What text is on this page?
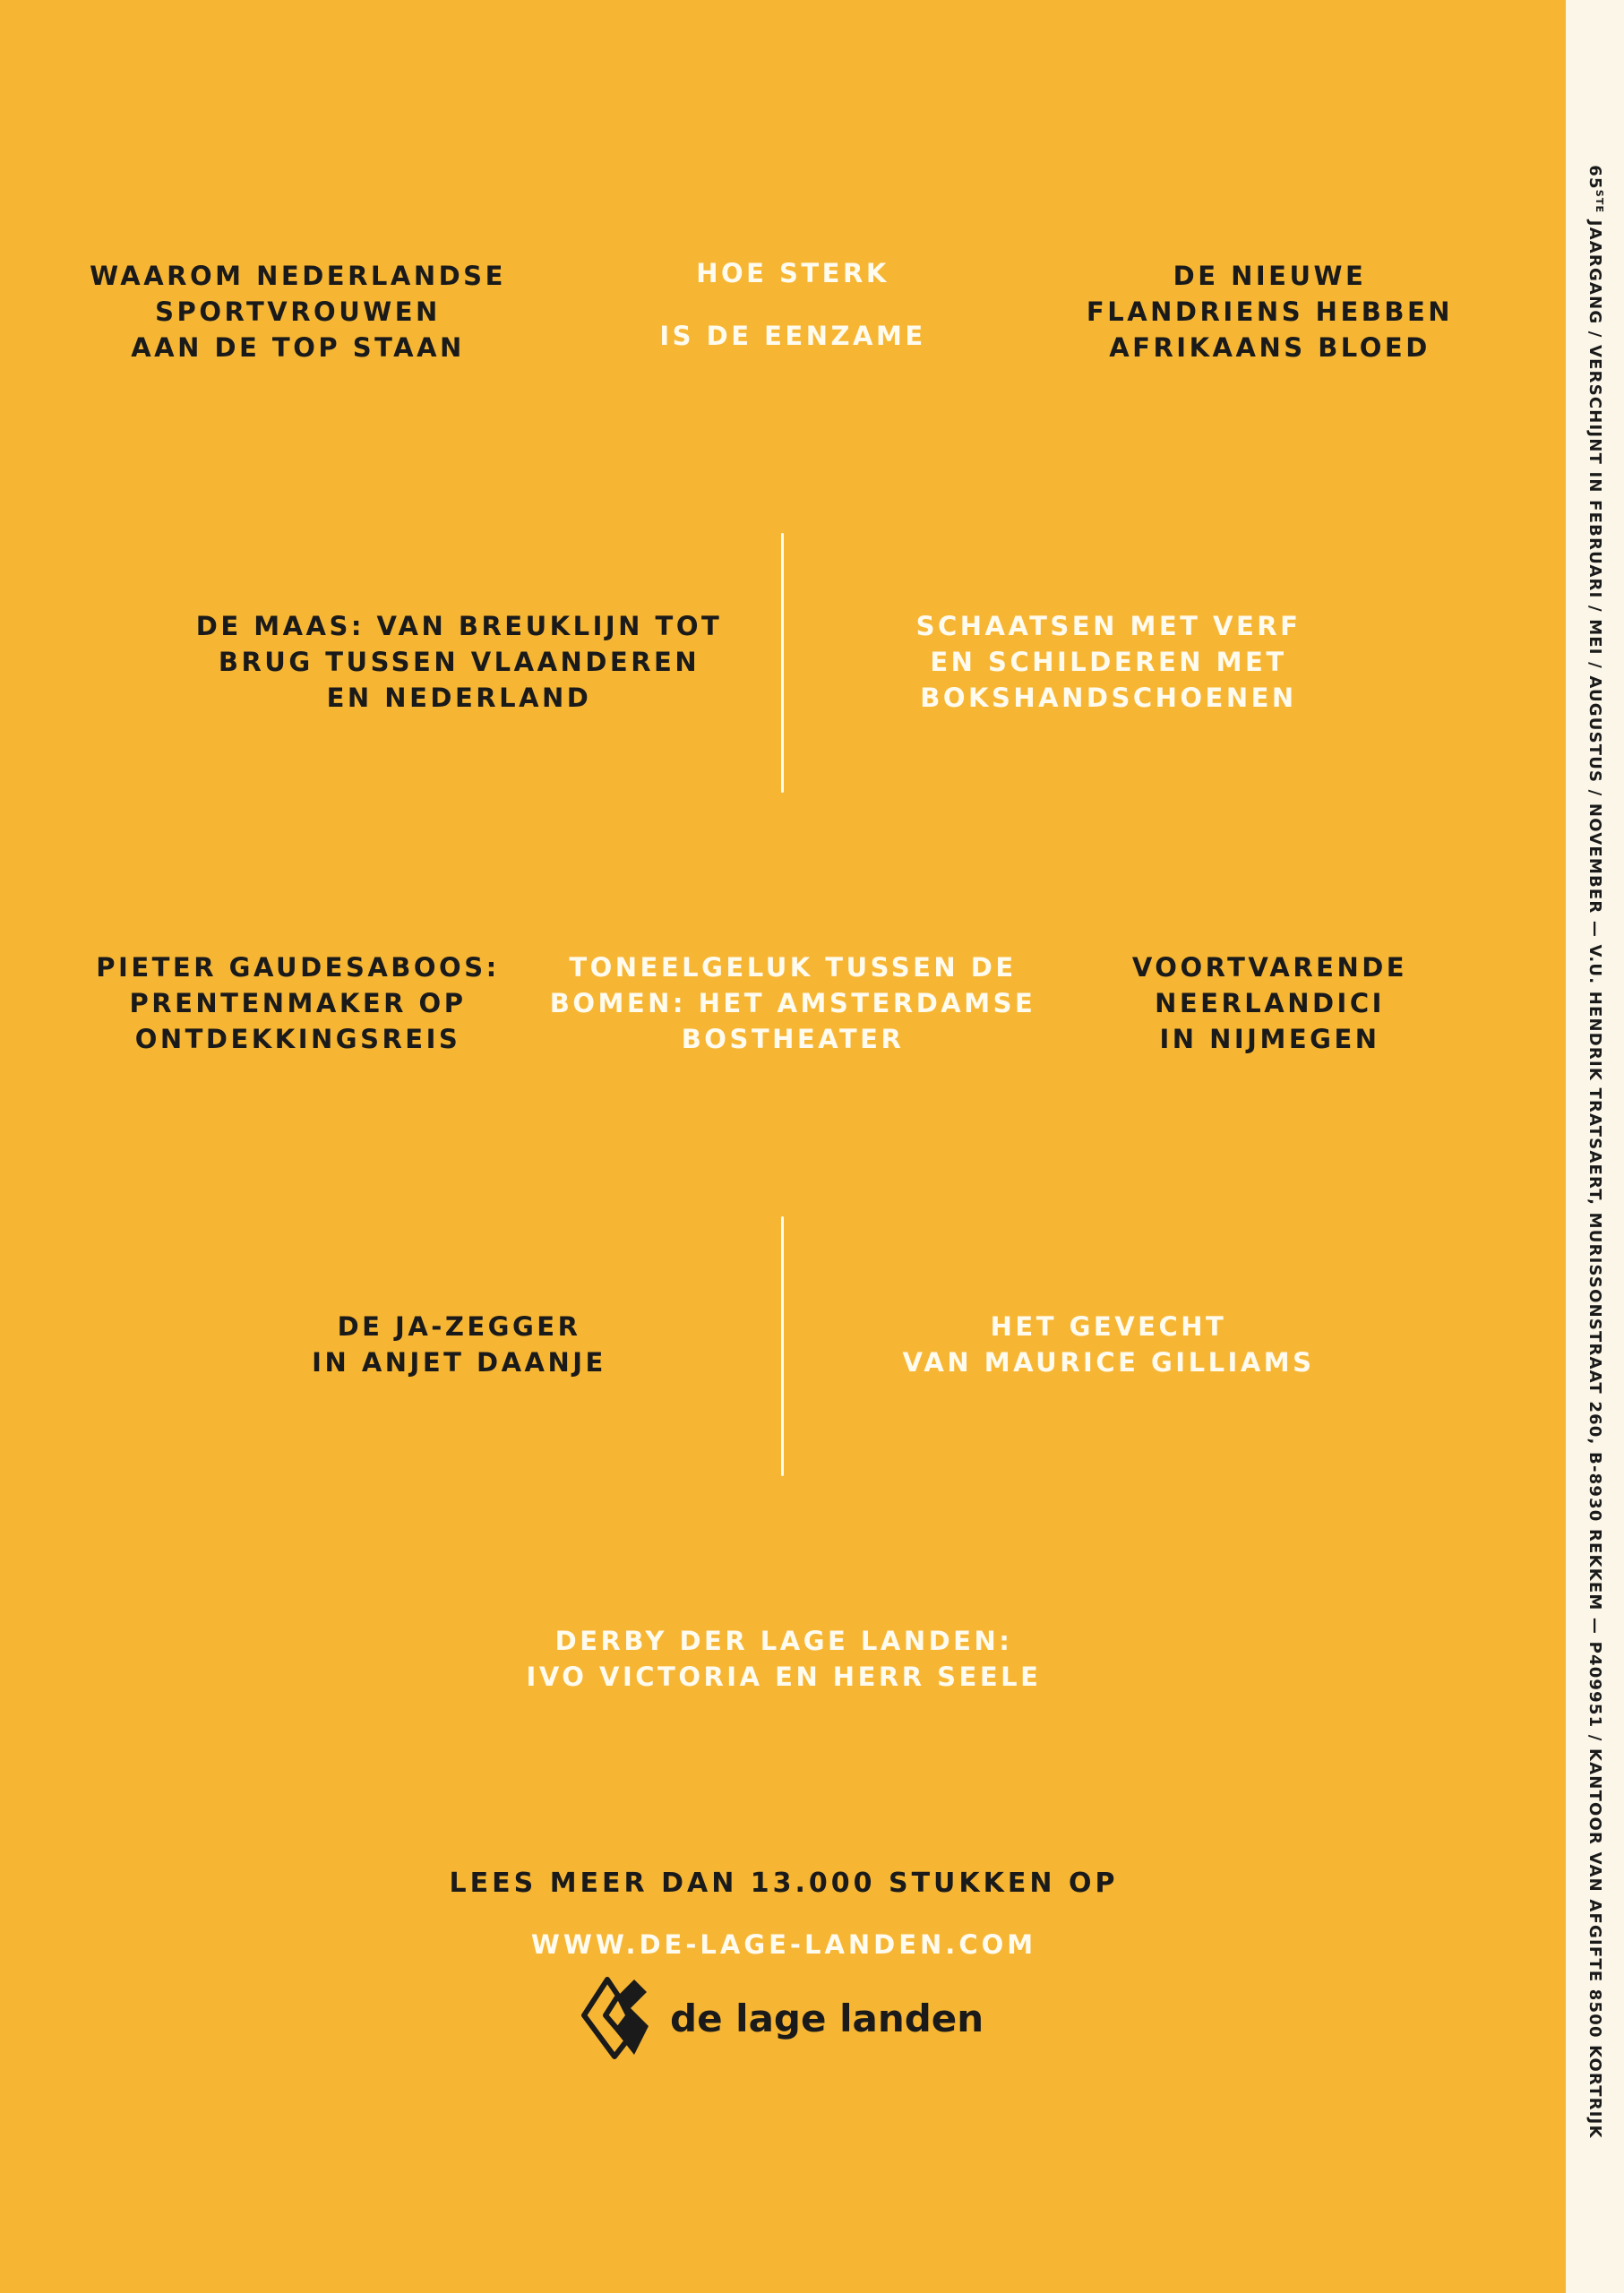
65STE JAARGANG / VERSCHIJNT IN FEBRUARI / MEI / AUGUSTUS / NOVEMBER — V.U. HENDRIK TRATSAERT, MURISSONSTRAAT 260, B-8930 REKKEM — P409951 / KANTOOR VAN AFGIFTE 8500 KORTRIJK
WAAROM NEDERLANDSE
SPORTVROUWEN
AAN DE TOP STAAN
HOE STERK

IS DE EENZAME
DE NIEUWE
FLANDRIENS HEBBEN
AFRIKAANS BLOED
DE MAAS: VAN BREUKLIJN TOT
BRUG TUSSEN VLAANDEREN
EN NEDERLAND
SCHAATSEN MET VERF
EN SCHILDEREN MET
BOKSHANDSCHOENEN
PIETER GAUDESABOOS:
PRENTENMAKER OP
ONTDEKKINGSREIS
TONEELGELUK TUSSEN DE
BOMEN: HET AMSTERDAMSE
BOSTHEATER
VOORTVARENDE
NEERLANDICI
IN NIJMEGEN
DE JA-ZEGGER
IN ANJET DAANJE
HET GEVECHT
VAN MAURICE GILLIAMS
DERBY DER LAGE LANDEN:
IVO VICTORIA EN HERR SEELE
LEES MEER DAN 13.000 STUKKEN OP
WWW.DE-LAGE-LANDEN.COM
de lage landen
